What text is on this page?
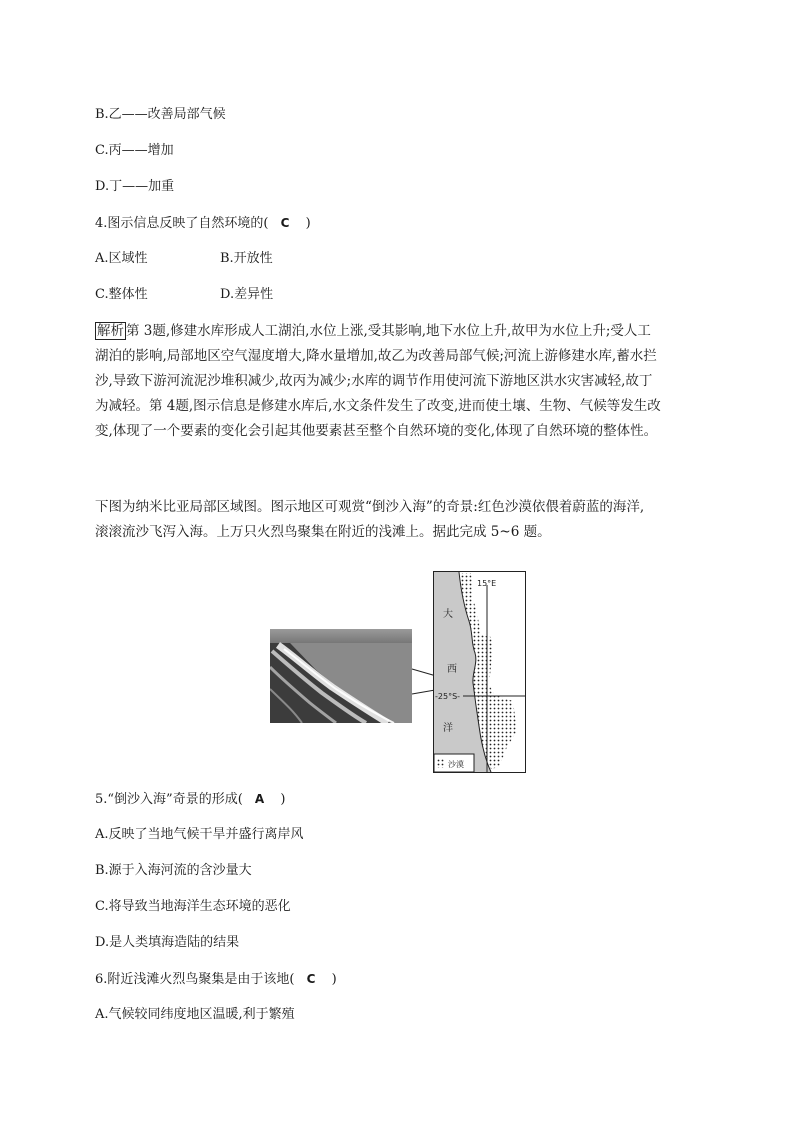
B.乙——改善局部气候
C.丙——增加
D.丁——加重
4.图示信息反映了自然环境的( C )
A.区域性	B.开放性
C.整体性	D.差异性
解析 第 3题,修建水库形成人工湖泊,水位上涨,受其影响,地下水位上升,故甲为水位上升;受人工
湖泊的影响,局部地区空气湿度增大,降水量增加,故乙为改善局部气候;河流上游修建水库,蓄水拦
沙,导致下游河流泥沙堆积减少,故丙为减少;水库的调节作用使河流下游地区洪水灾害减轻,故丁
为减轻。第 4题,图示信息是修建水库后,水文条件发生了改变,进而使土壤、生物、气候等发生改
变,体现了一个要素的变化会引起其他要素甚至整个自然环境的变化,体现了自然环境的整体性。
下图为纳米比亚局部区域图。图示地区可观赏“倒沙入海”的奇景:红色沙漠依偎着蔚蓝的海洋,
滚滚流沙飞泻入海。上万只火烈鸟聚集在附近的浅滩上。据此完成 5~6 题。
15°E
-25°S-
大
西
洋
沙漠
5.“倒沙入海”奇景的形成( A )
A.反映了当地气候干旱并盛行离岸风
B.源于入海河流的含沙量大
C.将导致当地海洋生态环境的恶化
D.是人类填海造陆的结果
6.附近浅滩火烈鸟聚集是由于该地( C )
A.气候较同纬度地区温暖,利于繁殖
